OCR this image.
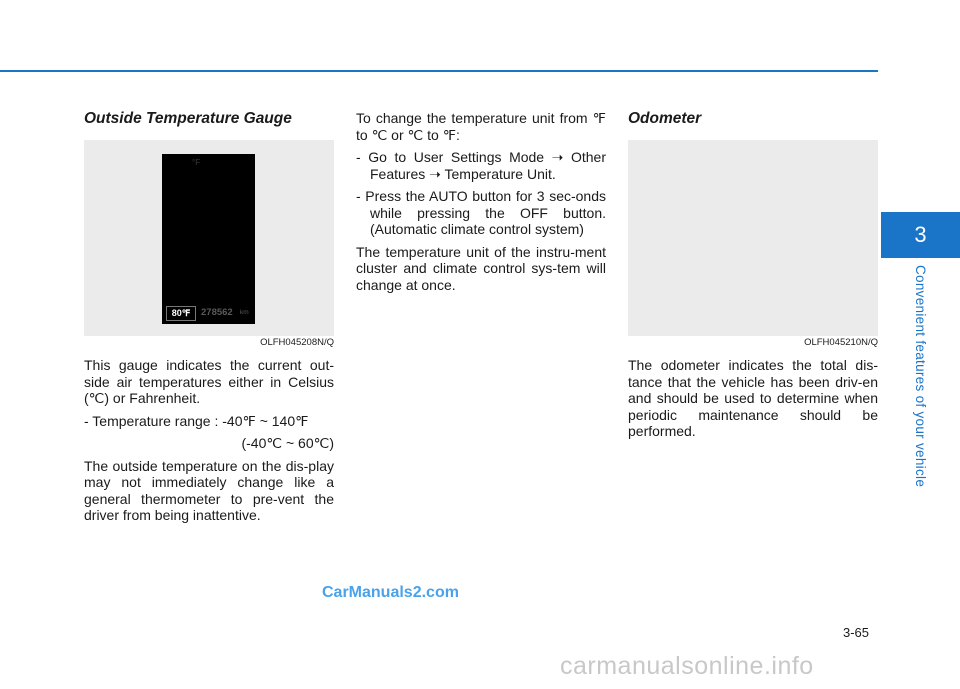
3
Convenient features of your vehicle
Outside Temperature Gauge
°F
80℉	278562 km
OLFH045208N/Q

This gauge indicates the current out-side air temperatures either in Celsius (℃) or Fahrenheit.

- Temperature range : -40℉ ~ 140℉

(-40℃ ~ 60℃)

The outside temperature on the dis-play may not immediately change like a general thermometer to pre-vent the driver from being inattentive.

To change the temperature unit from ℉ to ℃ or ℃ to ℉:

- Go to User Settings Mode ➝ Other Features ➝ Temperature Unit.
- Press the AUTO button for 3 sec-onds while pressing the OFF button. (Automatic climate control system)

The temperature unit of the instru-ment cluster and climate control sys-tem will change at once.

Odometer
OLFH045210N/Q

The odometer indicates the total dis-tance that the vehicle has been driv-en and should be used to determine when periodic maintenance should be performed.

CarManuals2.com
3-65
carmanualsonline.info
